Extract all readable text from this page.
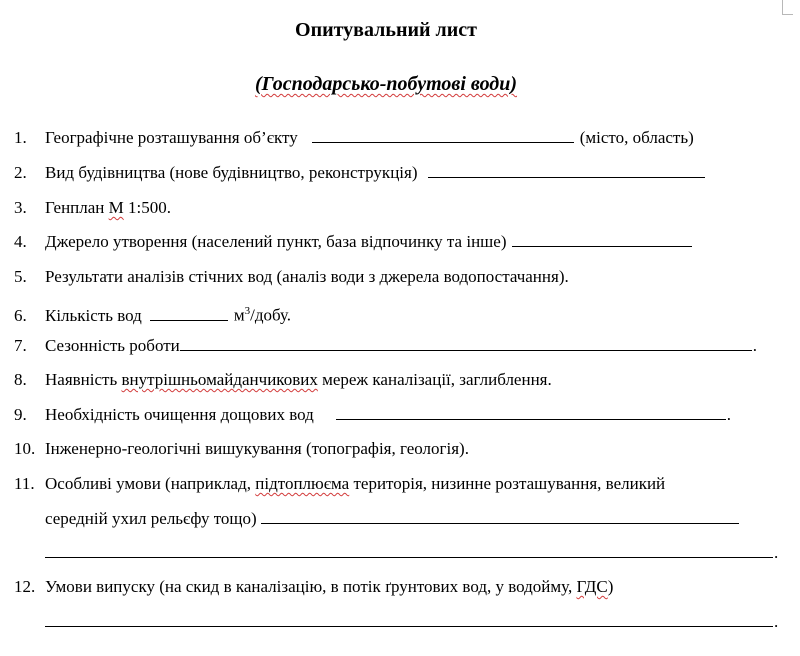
Опитувальний лист
(Господарсько-побутові води)
1.	Географічне розташування об’єкту	(місто, область)
2.	Вид будівництва (нове будівництво, реконструкція)
3.	Генплан М 1:500.
4.	Джерело утворення (населений пункт, база відпочинку та інше)
5.	Результати аналізів стічних вод (аналіз води з джерела водопостачання).
6.	Кількість вод	$м^3$/добу.
7.	Сезонність роботи	.
8.	Наявність внутрішньомайданчикових мереж каналізації, заглиблення.
9.	Необхідність очищення дощових вод	.
10. Інженерно-геологічні вишукування (топографія, геологія).
11. Особливі умови (наприклад, підтоплюєма територія, низинне розташування, великий
середній ухил рельєфу тощо)
.
12. Умови випуску (на скид в каналізацію, в потік ґрунтових вод, у водойму, ГДС)
.
